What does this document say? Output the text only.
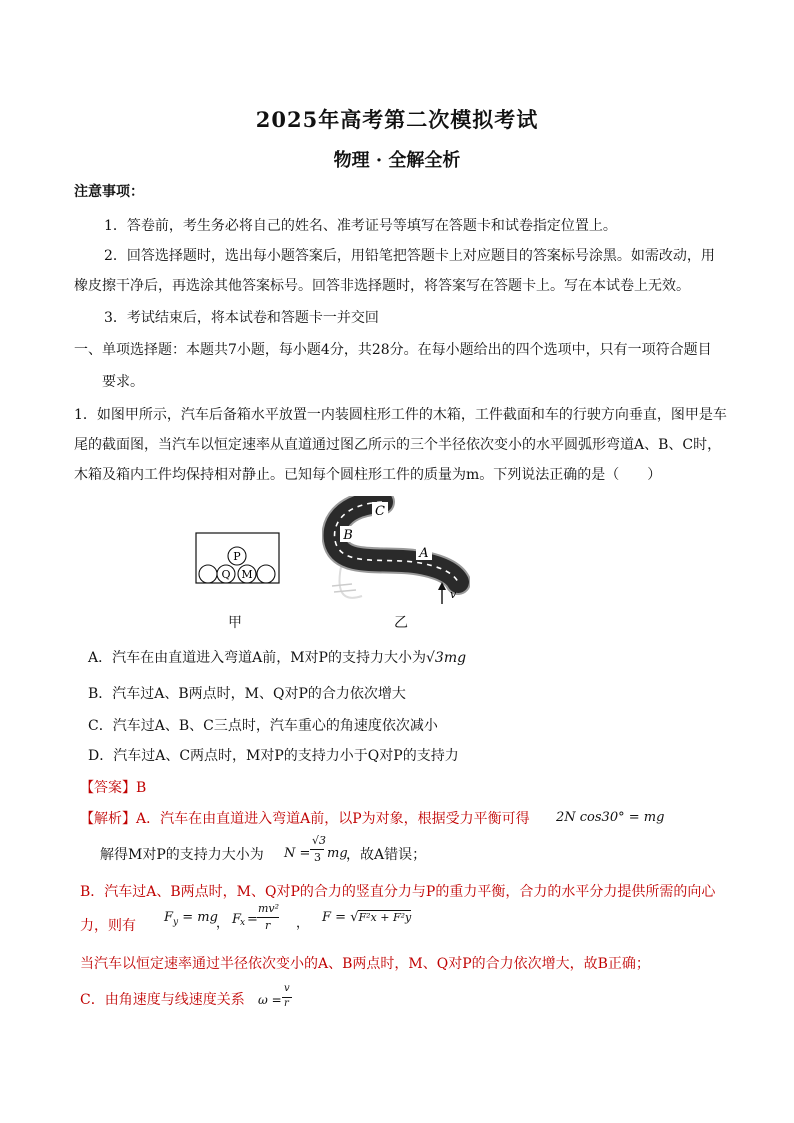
2025年高考第二次模拟考试
物理 · 全解全析
注意事项：
1．答卷前，考生务必将自己的姓名、准考证号等填写在答题卡和试卷指定位置上。
2．回答选择题时，选出每小题答案后，用铅笔把答题卡上对应题目的答案标号涂黑。如需改动，用
橡皮擦干净后，再选涂其他答案标号。回答非选择题时，将答案写在答题卡上。写在本试卷上无效。
3．考试结束后，将本试卷和答题卡一并交回
一、单项选择题：本题共7小题，每小题4分，共28分。在每小题给出的四个选项中，只有一项符合题目
要求。
1．如图甲所示，汽车后备箱水平放置一内装圆柱形工件的木箱，工件截面和车的行驶方向垂直，图甲是车
尾的截面图，当汽车以恒定速率从直道通过图乙所示的三个半径依次变小的水平圆弧形弯道A、B、C时，
木箱及箱内工件均保持相对静止。已知每个圆柱形工件的质量为m。下列说法正确的是（　　）
P
Q M
C
B
A
v
甲	乙
A．汽车在由直道进入弯道A前，M对P的支持力大小为√3mg
B．汽车过A、B两点时，M、Q对P的合力依次增大
C．汽车过A、B、C三点时，汽车重心的角速度依次减小
D．汽车过A、C两点时，M对P的支持力小于Q对P的支持力
【答案】B
【解析】A．汽车在由直道进入弯道A前，以P为对象，根据受力平衡可得 2N cos30° = mg
解得M对P的支持力大小为 N =
√3
3 mg
，故A错误；
B．汽车过A、B两点时，M、Q对P的合力的竖直分力与P的重力平衡，合力的水平分力提供所需的向心
力，则有
$F_y$ = mg
， F
x =
mv²
r ， F = √F²x + F²y
当汽车以恒定速率通过半径依次变小的A、B两点时，M、Q对P的合力依次增大，故B正确；
C．由角速度与线速度关系 ω =
v
r
